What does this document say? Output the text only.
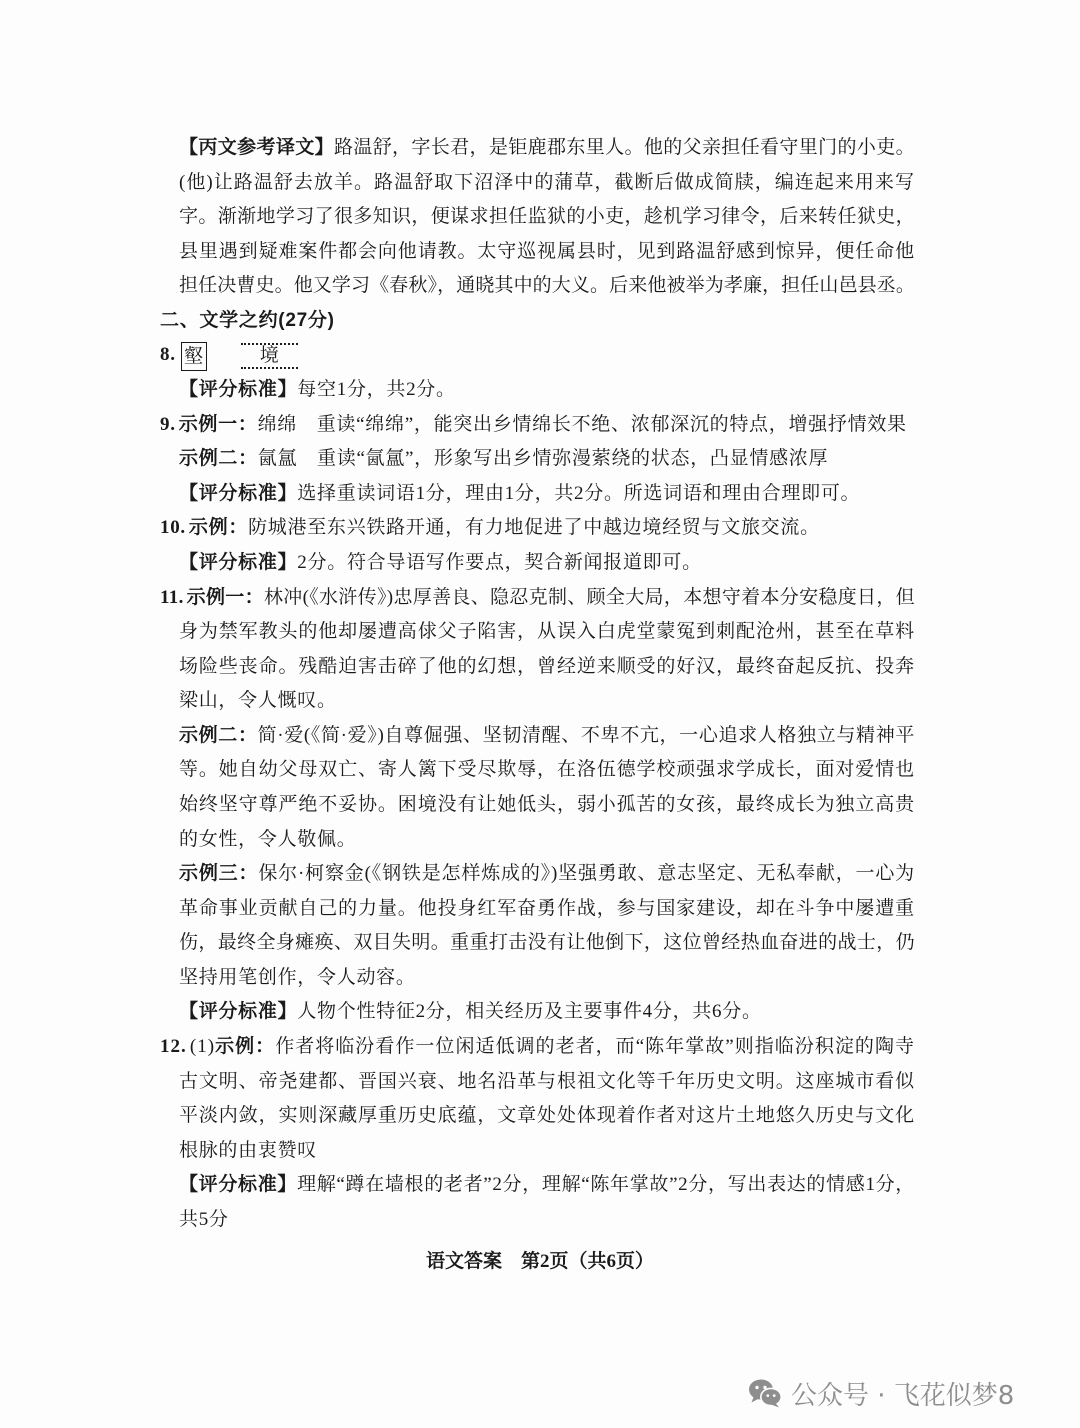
【丙文参考译文】路温舒，字长君，是钜鹿郡东里人。他的父亲担任看守里门的小吏。
(他)让路温舒去放羊。路温舒取下沼泽中的蒲草，截断后做成简牍，编连起来用来写
字。渐渐地学习了很多知识，便谋求担任监狱的小吏，趁机学习律令，后来转任狱史，
县里遇到疑难案件都会向他请教。太守巡视属县时，见到路温舒感到惊异，便任命他
担任决曹史。他又学习《春秋》，通晓其中的大义。后来他被举为孝廉，担任山邑县丞。
二、文学之约(27分)
8. 壑	境
【评分标准】每空1分，共2分。
9. 示例一：绵绵　重读“绵绵”，能突出乡情绵长不绝、浓郁深沉的特点，增强抒情效果
示例二：氤氲　重读“氤氲”，形象写出乡情弥漫萦绕的状态，凸显情感浓厚
【评分标准】选择重读词语1分，理由1分，共2分。所选词语和理由合理即可。
10. 示例：防城港至东兴铁路开通，有力地促进了中越边境经贸与文旅交流。
【评分标准】2分。符合导语写作要点，契合新闻报道即可。
11. 示例一：林冲(《水浒传》)忠厚善良、隐忍克制、顾全大局，本想守着本分安稳度日，但
身为禁军教头的他却屡遭高俅父子陷害，从误入白虎堂蒙冤到刺配沧州，甚至在草料
场险些丧命。残酷迫害击碎了他的幻想，曾经逆来顺受的好汉，最终奋起反抗、投奔
梁山，令人慨叹。
示例二：简·爱(《简·爱》)自尊倔强、坚韧清醒、不卑不亢，一心追求人格独立与精神平
等。她自幼父母双亡、寄人篱下受尽欺辱，在洛伍德学校顽强求学成长，面对爱情也
始终坚守尊严绝不妥协。困境没有让她低头，弱小孤苦的女孩，最终成长为独立高贵
的女性，令人敬佩。
示例三：保尔·柯察金(《钢铁是怎样炼成的》)坚强勇敢、意志坚定、无私奉献，一心为
革命事业贡献自己的力量。他投身红军奋勇作战，参与国家建设，却在斗争中屡遭重
伤，最终全身瘫痪、双目失明。重重打击没有让他倒下，这位曾经热血奋进的战士，仍
坚持用笔创作，令人动容。
【评分标准】人物个性特征2分，相关经历及主要事件4分，共6分。
12. (1)示例：作者将临汾看作一位闲适低调的老者，而“陈年掌故”则指临汾积淀的陶寺
古文明、帝尧建都、晋国兴衰、地名沿革与根祖文化等千年历史文明。这座城市看似
平淡内敛，实则深藏厚重历史底蕴，文章处处体现着作者对这片土地悠久历史与文化
根脉的由衷赞叹
【评分标准】理解“蹲在墙根的老者”2分，理解“陈年掌故”2分，写出表达的情感1分，
共5分
语文答案　第2页（共6页）
公众号 · 飞花似梦8
